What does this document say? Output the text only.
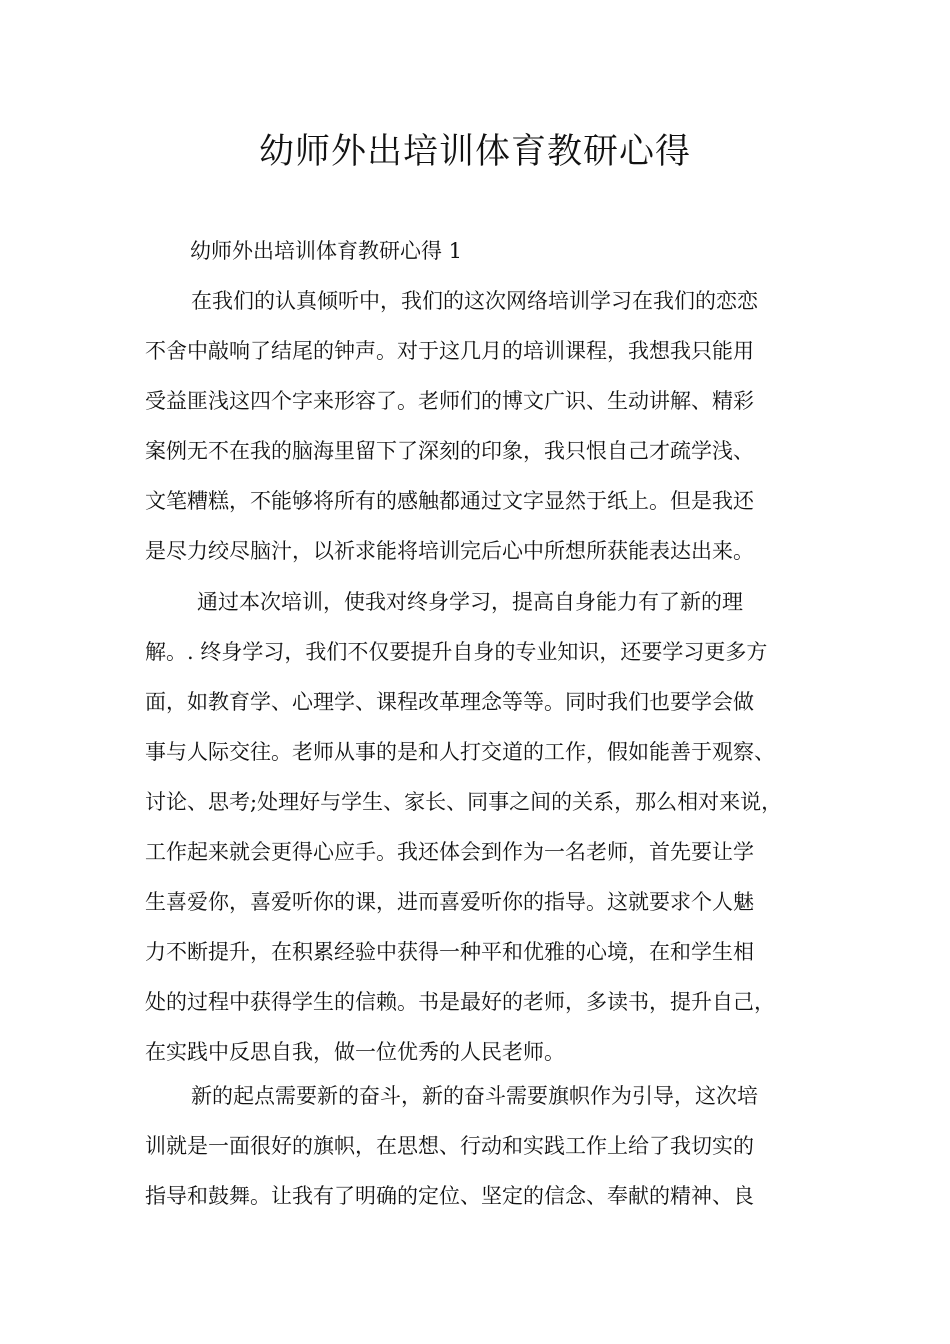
幼师外出培训体育教研心得

幼师外出培训体育教研心得 1

在我们的认真倾听中，我们的这次网络培训学习在我们的恋恋
不舍中敲响了结尾的钟声。对于这几月的培训课程，我想我只能用
受益匪浅这四个字来形容了。老师们的博文广识、生动讲解、精彩
案例无不在我的脑海里留下了深刻的印象，我只恨自己才疏学浅、
文笔糟糕，不能够将所有的感触都通过文字显然于纸上。但是我还
是尽力绞尽脑汁，以祈求能将培训完后心中所想所获能表达出来。
通过本次培训，使我对终身学习，提高自身能力有了新的理
解。. 终身学习，我们不仅要提升自身的专业知识，还要学习更多方
面，如教育学、心理学、课程改革理念等等。同时我们也要学会做
事与人际交往。老师从事的是和人打交道的工作，假如能善于观察、
讨论、思考;处理好与学生、家长、同事之间的关系，那么相对来说，
工作起来就会更得心应手。我还体会到作为一名老师，首先要让学
生喜爱你，喜爱听你的课，进而喜爱听你的指导。这就要求个人魅
力不断提升，在积累经验中获得一种平和优雅的心境，在和学生相
处的过程中获得学生的信赖。书是最好的老师，多读书，提升自己，
在实践中反思自我，做一位优秀的人民老师。
新的起点需要新的奋斗，新的奋斗需要旗帜作为引导，这次培
训就是一面很好的旗帜，在思想、行动和实践工作上给了我切实的
指导和鼓舞。让我有了明确的定位、坚定的信念、奉献的精神、良
